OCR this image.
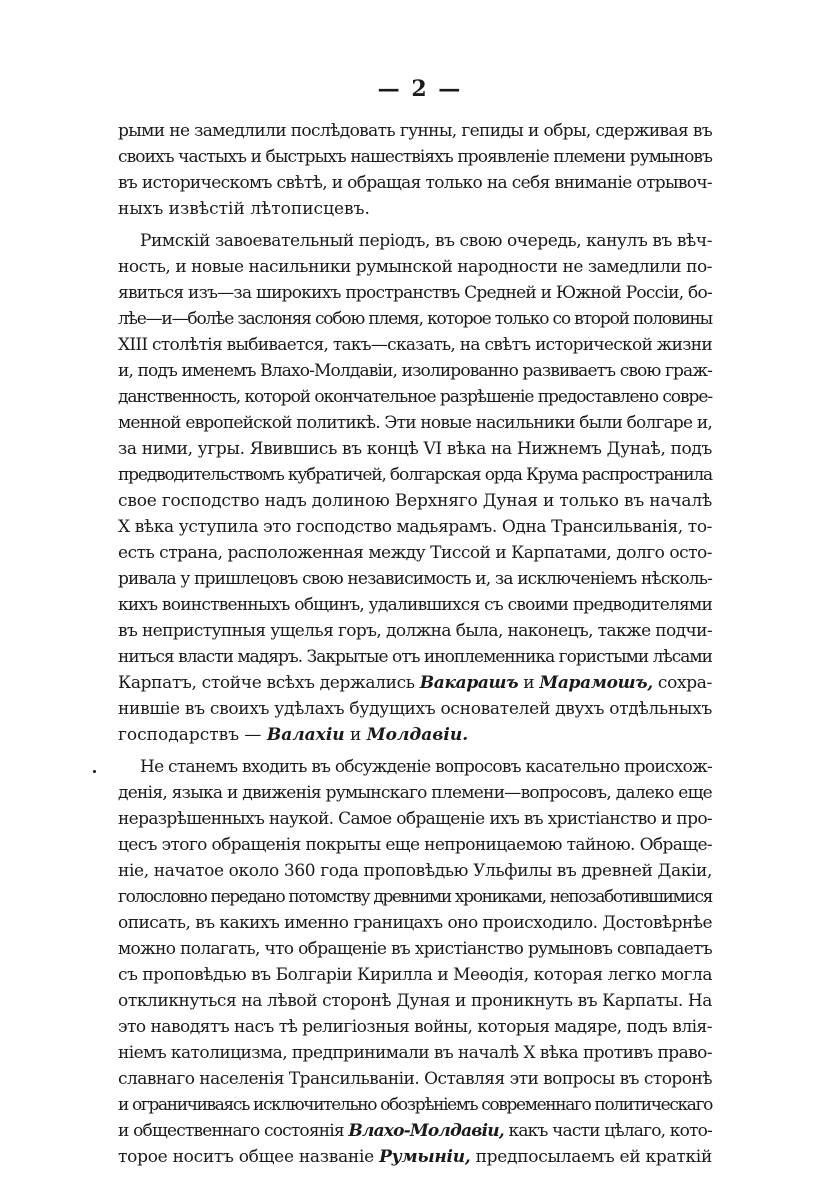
— 2 —
рыми не замедлили послѣдовать гунны, гепиды и обры, сдерживая въ
своихъ частыхъ и быстрыхъ нашествіяхъ проявленіе племени румыновъ
въ историческомъ свѣтѣ, и обращая только на себя вниманіе отрывоч-
ныхъ извѣстій лѣтописцевъ.
Римскій завоевательный періодъ, въ свою очередь, канулъ въ вѣч-
ность, и новые насильники румынской народности не замедлили по-
явиться изъ—за широкихъ пространствъ Средней и Южной Россіи, бо-
лѣе—и—болѣе заслоняя собою племя, которое только со второй половины
XIII столѣтія выбивается, такъ—сказать, на свѣтъ исторической жизни
и, подъ именемъ Влахо-Молдавіи, изолированно развиваетъ свою граж-
данственность, которой окончательное разрѣшеніе предоставлено совре-
менной европейской политикѣ. Эти новые насильники были болгаре и,
за ними, угры. Явившись въ концѣ VI вѣка на Нижнемъ Дунаѣ, подъ
предводительствомъ кубратичей, болгарская орда Крума распространила
свое господство надъ долиною Верхняго Дуная и только въ началѣ
X вѣка уступила это господство мадьярамъ. Одна Трансильванія, то-
есть страна, расположенная между Тиссой и Карпатами, долго осто-
ривала у пришлецовъ свою независимость и, за исключеніемъ нѣсколь-
кихъ воинственныхъ общинъ, удалившихся съ своими предводителями
въ неприступныя ущелья горъ, должна была, наконецъ, также подчи-
ниться власти мадяръ. Закрытые отъ иноплеменника гористыми лѣсами
Карпатъ, стойче всѣхъ держались Вакарашъ и Марамошъ, сохра-
нившіе въ своихъ удѣлахъ будущихъ основателей двухъ отдѣльныхъ
господарствъ — Валахіи и Молдавіи.
Не станемъ входить въ обсужденіе вопросовъ касательно происхож-
денія, языка и движенія румынскаго племени—вопросовъ, далеко еще
неразрѣшенныхъ наукой. Самое обращеніе ихъ въ христіанство и про-
цесъ этого обращенія покрыты еще непроницаемою тайною. Обраще-
ніе, начатое около 360 года проповѣдью Ульфилы въ древней Дакіи,
голословно передано потомству древними хрониками, непозаботившимися
описать, въ какихъ именно границахъ оно происходило. Достовѣрнѣе
можно полагать, что обращеніе въ христіанство румыновъ совпадаетъ
съ проповѣдью въ Болгаріи Кирилла и Меѳодія, которая легко могла
откликнуться на лѣвой сторонѣ Дуная и проникнуть въ Карпаты. На
это наводятъ насъ тѣ религіозныя войны, которыя мадяре, подъ влія-
ніемъ католицизма, предпринимали въ началѣ X вѣка противъ право-
славнаго населенія Трансильваніи. Оставляя эти вопросы въ сторонѣ
и ограничиваясь исключительно обозрѣніемъ современнаго политическаго
и общественнаго состоянія Влахо-Молдавіи, какъ части цѣлаго, кото-
торое носитъ общее названіе Румыніи, предпосылаемъ ей краткій
